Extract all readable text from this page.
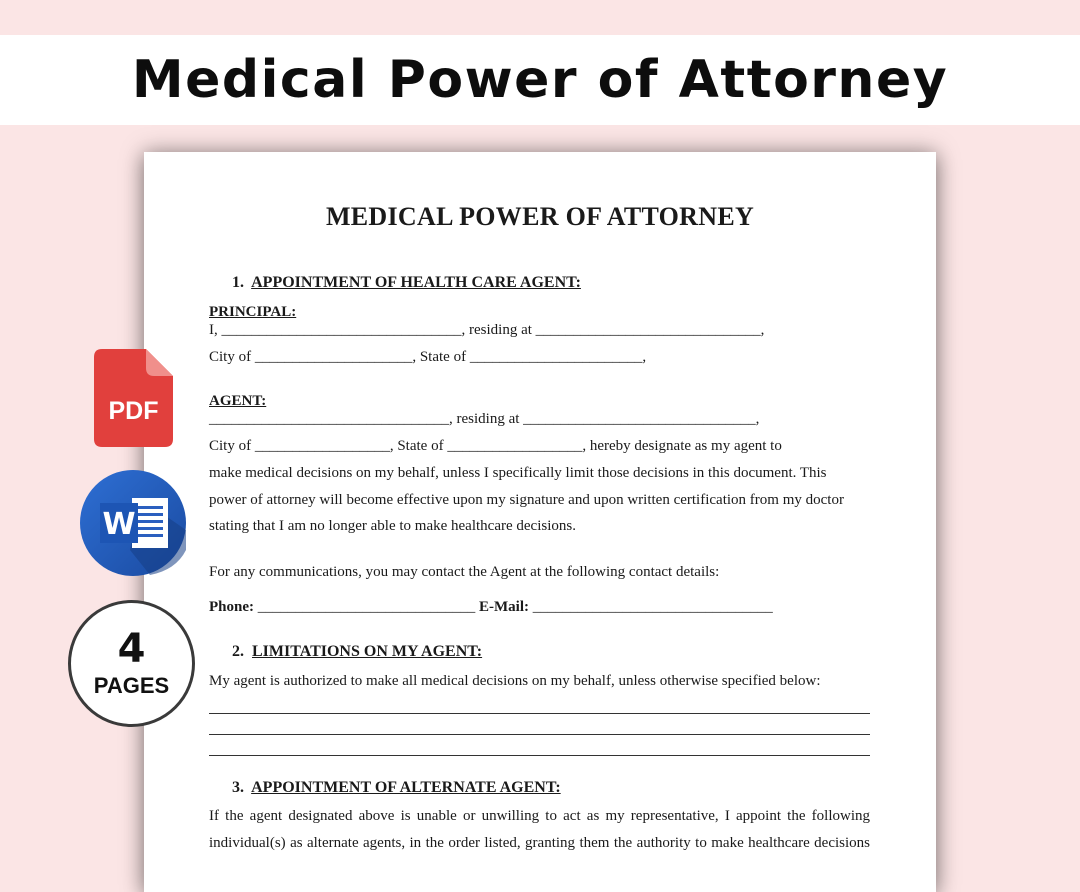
Medical Power of Attorney
MEDICAL POWER OF ATTORNEY
1. APPOINTMENT OF HEALTH CARE AGENT:
PRINCIPAL:
I, ________________________________, residing at ______________________________,
City of _____________________, State of _______________________,
AGENT:
________________________________, residing at _______________________________,
City of __________________, State of __________________, hereby designate as my agent to
make medical decisions on my behalf, unless I specifically limit those decisions in this document. This
power of attorney will become effective upon my signature and upon written certification from my doctor
stating that I am no longer able to make healthcare decisions.
For any communications, you may contact the Agent at the following contact details:
Phone: _____________________________ E-Mail: ________________________________
2. LIMITATIONS ON MY AGENT:
My agent is authorized to make all medical decisions on my behalf, unless otherwise specified below:
3. APPOINTMENT OF ALTERNATE AGENT:
If the agent designated above is unable or unwilling to act as my representative, I appoint the following
individual(s) as alternate agents, in the order listed, granting them the authority to make healthcare decisions
PDF
W
4
PAGES
